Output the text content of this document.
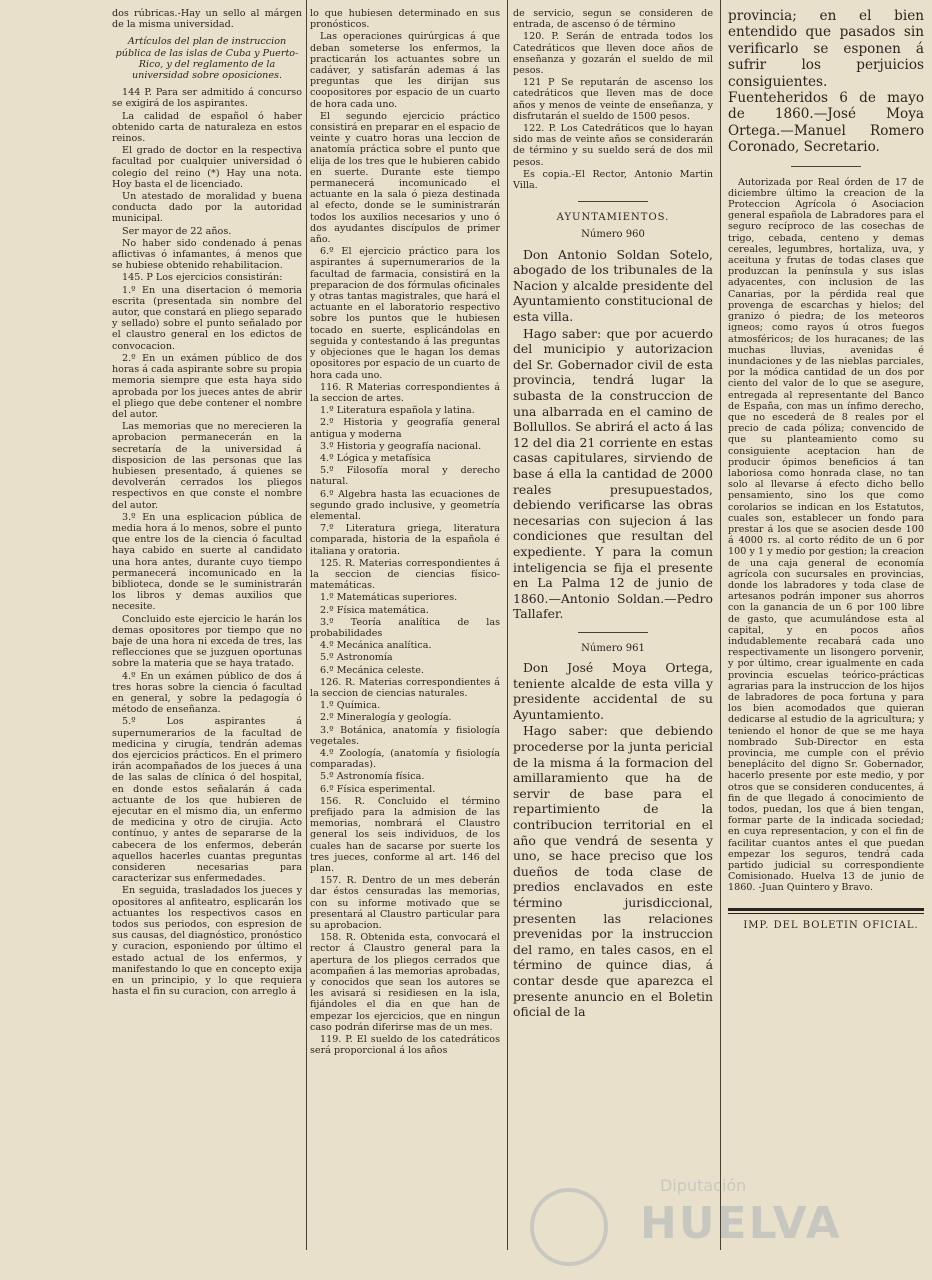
dos rúbricas.-Hay un sello al márgen de la misma universidad.

Artículos del plan de instruccion pública de las islas de Cuba y Puerto-Rico, y del reglamento de la universidad sobre oposiciones.

144 P. Para ser admitido á concurso se exigirá de los aspirantes.

La calidad de español ó haber obtenido carta de naturaleza en estos reinos.

El grado de doctor en la respectiva facultad por cualquier universidad ó colegio del reino (*) Hay una nota. Hoy basta el de licenciado.

Un atestado de moralidad y buena conducta dado por la autoridad municipal.

Ser mayor de 22 años.

No haber sido condenado á penas aflictivas ó infamantes, á menos que se hubiese obtenido rehabilitacion.

145. P Los ejercicios consistirán:

1.º En una disertacion ó memoria escrita (presentada sin nombre del autor, que constará en pliego separado y sellado) sobre el punto señalado por el claustro general en los edictos de convocacion.

2.º En un exámen público de dos horas á cada aspirante sobre su propia memoria siempre que esta haya sido aprobada por los jueces antes de abrir el pliego que debe contener el nombre del autor.

Las memorias que no merecieren la aprobacion permanecerán en la secretaría de la universidad á disposicion de las personas que las hubiesen presentado, á quienes se devolverán cerrados los pliegos respectivos en que conste el nombre del autor.

3.º En una esplicacion pública de media hora á lo menos, sobre el punto que entre los de la ciencia ó facultad haya cabido en suerte al candidato una hora antes, durante cuyo tiempo permanecerá incomunicado en la biblioteca, donde se le suministrarán los libros y demas auxilios que necesite.

Concluido este ejercicio le harán los demas opositores por tiempo que no baje de una hora ni exceda de tres, las reflecciones que se juzguen oportunas sobre la materia que se haya tratado.

4.º En un exámen público de dos á tres horas sobre la ciencia ó facultad en general, y sobre la pedagogía ó método de enseñanza.

5.º Los aspirantes á supernumerarios de la facultad de medicina y cirugía, tendrán ademas dos ejercicios prácticos. En el primero irán acompañados de los jueces á una de las salas de clínica ó del hospital, en donde estos señalarán á cada actuante de los que hubieren de ejecutar en el mismo dia, un enfermo de medicina y otro de cirujia. Acto contínuo, y antes de separarse de la cabecera de los enfermos, deberán aquellos hacerles cuantas preguntas consideren necesarias para caracterizar sus enfermedades.

En seguida, trasladados los jueces y opositores al anfiteatro, esplicarán los actuantes los respectivos casos en todos sus periodos, con espresion de sus causas, del diagnóstico, pronóstico y curacion, esponiendo por último el estado actual de los enfermos, y manifestando lo que en concepto exija en un principio, y lo que requiera hasta el fin su curacion, con arreglo á

lo que hubiesen determinado en sus pronósticos.

Las operaciones quirúrgicas á que deban someterse los enfermos, la practicarán los actuantes sobre un cadáver, y satisfarán ademas á las preguntas que les dirijan sus coopositores por espacio de un cuarto de hora cada uno.

El segundo ejercicio práctico consistirá en preparar en el espacio de veinte y cuatro horas una leccion de anatomía práctica sobre el punto que elija de los tres que le hubieren cabido en suerte. Durante este tiempo permanecerá incomunicado el actuante en la sala ó pieza destinada al efecto, donde se le suministrarán todos los auxilios necesarios y uno ó dos ayudantes discípulos de primer año.

6.º El ejercicio práctico para los aspirantes á supernumerarios de la facultad de farmacia, consistirá en la preparacion de dos fórmulas oficinales y otras tantas magistrales, que hará el actuante en el laboratorio respectivo sobre los puntos que le hubiesen tocado en suerte, esplicándolas en seguida y contestando á las preguntas y objeciones que le hagan los demas opositores por espacio de un cuarto de hora cada uno.

116. R Materias correspondientes á la seccion de artes.

1.º Literatura española y latina.

2.º Historia y geografía general antigua y moderna

3.º Historia y geografía nacional.

4.º Lógica y metafísica

5.º Filosofía moral y derecho natural.

6.º Algebra hasta las ecuaciones de segundo grado inclusive, y geometría elemental.

7.º Literatura griega, literatura comparada, historia de la española é italiana y oratoria.

125. R. Materias correspondientes á la seccion de ciencias físico-matemáticas.

1.º Matemáticas superiores.

2.º Física matemática.

3.º Teoría analítica de las probabilidades

4.º Mecánica analítica.

5.º Astronomía

6.º Mecánica celeste.

126. R. Materias correspondientes á la seccion de ciencias naturales.

1.º Química.

2.º Mineralogía y geología.

3.º Botánica, anatomía y fisiología vegetales.

4.º Zoología, (anatomía y fisiología comparadas).

5.º Astronomía física.

6.º Física esperimental.

156. R. Concluido el término prefijado para la admision de las memorias, nombrará el Claustro general los seis individuos, de los cuales han de sacarse por suerte los tres jueces, conforme al art. 146 del plan.

157. R. Dentro de un mes deberán dar éstos censuradas las memorias, con su informe motivado que se presentará al Claustro particular para su aprobacion.

158. R. Obtenida esta, convocará el rector á Claustro general para la apertura de los pliegos cerrados que acompañen á las memorias aprobadas, y conocidos que sean los autores se les avisará si residiesen en la isla, fijándoles el dia en que han de empezar los ejercicios, que en ningun caso podrán diferirse mas de un mes.

119. P. El sueldo de los catedráticos será proporcional á los años

de servicio, segun se consideren de entrada, de ascenso ó de término

120. P. Serán de entrada todos los Catedráticos que lleven doce años de enseñanza y gozarán el sueldo de mil pesos.

121 P Se reputarán de ascenso los catedráticos que lleven mas de doce años y menos de veinte de enseñanza, y disfrutarán el sueldo de 1500 pesos.

122. P. Los Catedráticos que lo hayan sido mas de veinte años se considerarán de término y su sueldo será de dos mil pesos.

Es copia.-El Rector, Antonio Martin Villa.

AYUNTAMIENTOS.

Número 960

Don Antonio Soldan Sotelo, abogado de los tribunales de la Nacion y alcalde presidente del Ayuntamiento constitucional de esta villa.

Hago saber: que por acuerdo del municipio y autorizacion del Sr. Gobernador civil de esta provincia, tendrá lugar la subasta de la construccion de una albarrada en el camino de Bollullos. Se abrirá el acto á las 12 del dia 21 corriente en estas casas capitulares, sirviendo de base á ella la cantidad de 2000 reales presupuestados, debiendo verificarse las obras necesarias con sujecion á las condiciones que resultan del expediente. Y para la comun inteligencia se fija el presente en La Palma 12 de junio de 1860.—Antonio Soldan.—Pedro Tallafer.

Número 961

Don José Moya Ortega, teniente alcalde de esta villa y presidente accidental de su Ayuntamiento.

Hago saber: que debiendo procederse por la junta pericial de la misma á la formacion del amillaramiento que ha de servir de base para el repartimiento de la contribucion territorial en el año que vendrá de sesenta y uno, se hace preciso que los dueños de toda clase de predios enclavados en este término jurisdiccional, presenten las relaciones prevenidas por la instruccion del ramo, en tales casos, en el término de quince dias, á contar desde que aparezca el presente anuncio en el Boletin oficial de la

provincia; en el bien entendido que pasados sin verificarlo se esponen á sufrir los perjuicios consiguientes. Fuenteheridos 6 de mayo de 1860.—José Moya Ortega.—Manuel Romero Coronado, Secretario.

Autorizada por Real órden de 17 de diciembre último la creacion de la Proteccion Agrícola ó Asociacion general española de Labradores para el seguro recíproco de las cosechas de trigo, cebada, centeno y demas cereales, legumbres, hortaliza, uva, y aceituna y frutas de todas clases que produzcan la península y sus islas adyacentes, con inclusion de las Canarias, por la pérdida real que provenga de escarchas y hielos; del granizo ó piedra; de los meteoros igneos; como rayos ú otros fuegos atmosféricos; de los huracanes; de las muchas lluvias, avenidas é inundaciones y de las nieblas parciales, por la módica cantidad de un dos por ciento del valor de lo que se asegure, entregada al representante del Banco de España, con mas un ínfimo derecho, que no escederá de 8 reales por el precio de cada póliza; convencido de que su planteamiento como su consiguiente aceptacion han de producir ópimos beneficios á tan laboriosa como honrada clase, no tan solo al llevarse á efecto dicho bello pensamiento, sino los que como corolarios se indican en los Estatutos, cuales son, establecer un fondo para prestar á los que se asocien desde 100 á 4000 rs. al corto rédito de un 6 por 100 y 1 y medio por gestion; la creacion de una caja general de economía agrícola con sucursales en provincias, donde los labradores y toda clase de artesanos podrán imponer sus ahorros con la ganancia de un 6 por 100 libre de gasto, que acumulándose esta al capital, y en pocos años indudablemente recabará cada uno respectivamente un lisongero porvenir, y por último, crear igualmente en cada provincia escuelas teórico-prácticas agrarias para la instruccion de los hijos de labradores de poca fortuna y para los bien acomodados que quieran dedicarse al estudio de la agricultura; y teniendo el honor de que se me haya nombrado Sub-Director en esta provincia, me cumple con el prévio beneplácito del digno Sr. Gobernador, hacerlo presente por este medio, y por otros que se consideren conducentes, á fin de que llegado á conocimiento de todos, puedan, los que á bien tengan, formar parte de la indicada sociedad; en cuya representacion, y con el fin de facilitar cuantos antes el que puedan empezar los seguros, tendrá cada partido judicial su correspondiente Comisionado. Huelva 13 de junio de 1860. -Juan Quintero y Bravo.

IMP. DEL BOLETIN OFICIAL.

Diputación
HUELVA
